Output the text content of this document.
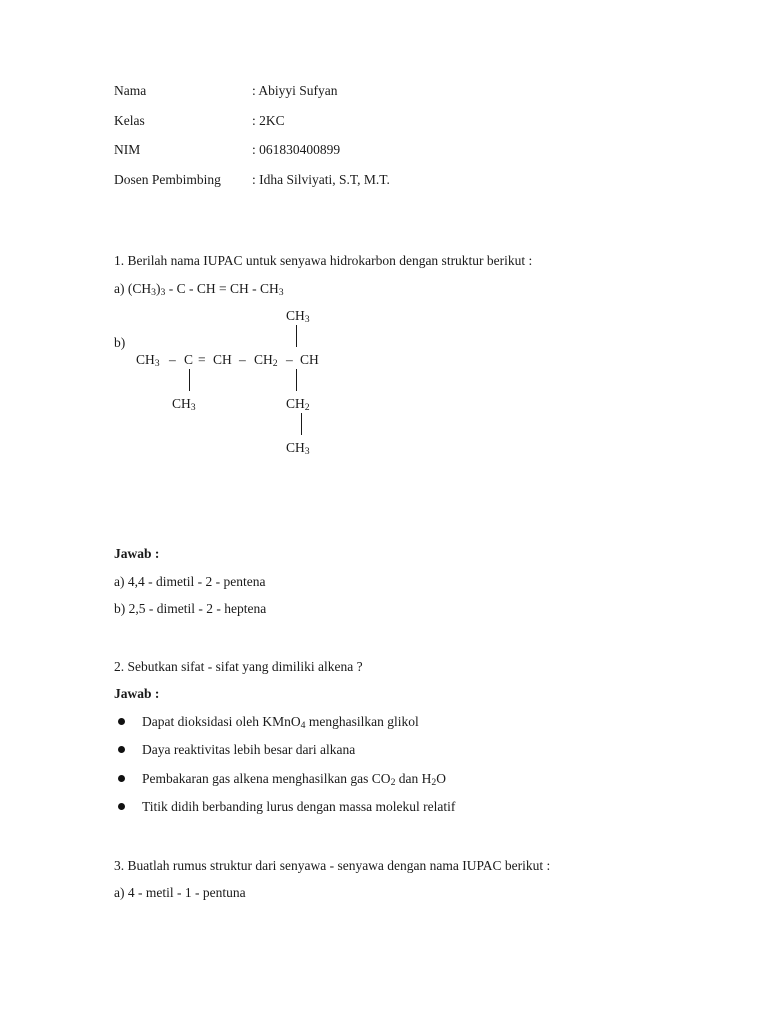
Nama	: Abiyyi Sufyan
Kelas	: 2KC
NIM	: 061830400899
Dosen Pembimbing	: Idha Silviyati, S.T, M.T.
1. Berilah nama IUPAC untuk senyawa hidrokarbon dengan struktur berikut :
a) $(CH_3)_3$ - C - CH = CH - $CH_3$
b)
$CH_3$
$CH_3$ – C = CH – $CH_2$ – CH
$CH_3$	$CH_2$
$CH_3$
Jawab :
a) 4,4 - dimetil - 2 - pentena
b) 2,5 - dimetil - 2 - heptena
2. Sebutkan sifat - sifat yang dimiliki alkena ?
Jawab :
Dapat dioksidasi oleh KMnO$_4$ menghasilkan glikol
Daya reaktivitas lebih besar dari alkana
Pembakaran gas alkena menghasilkan gas $CO_2$ dan $H_2O$
Titik didih berbanding lurus dengan massa molekul relatif
3. Buatlah rumus struktur dari senyawa - senyawa dengan nama IUPAC berikut :
a) 4 - metil - 1 - pentuna
